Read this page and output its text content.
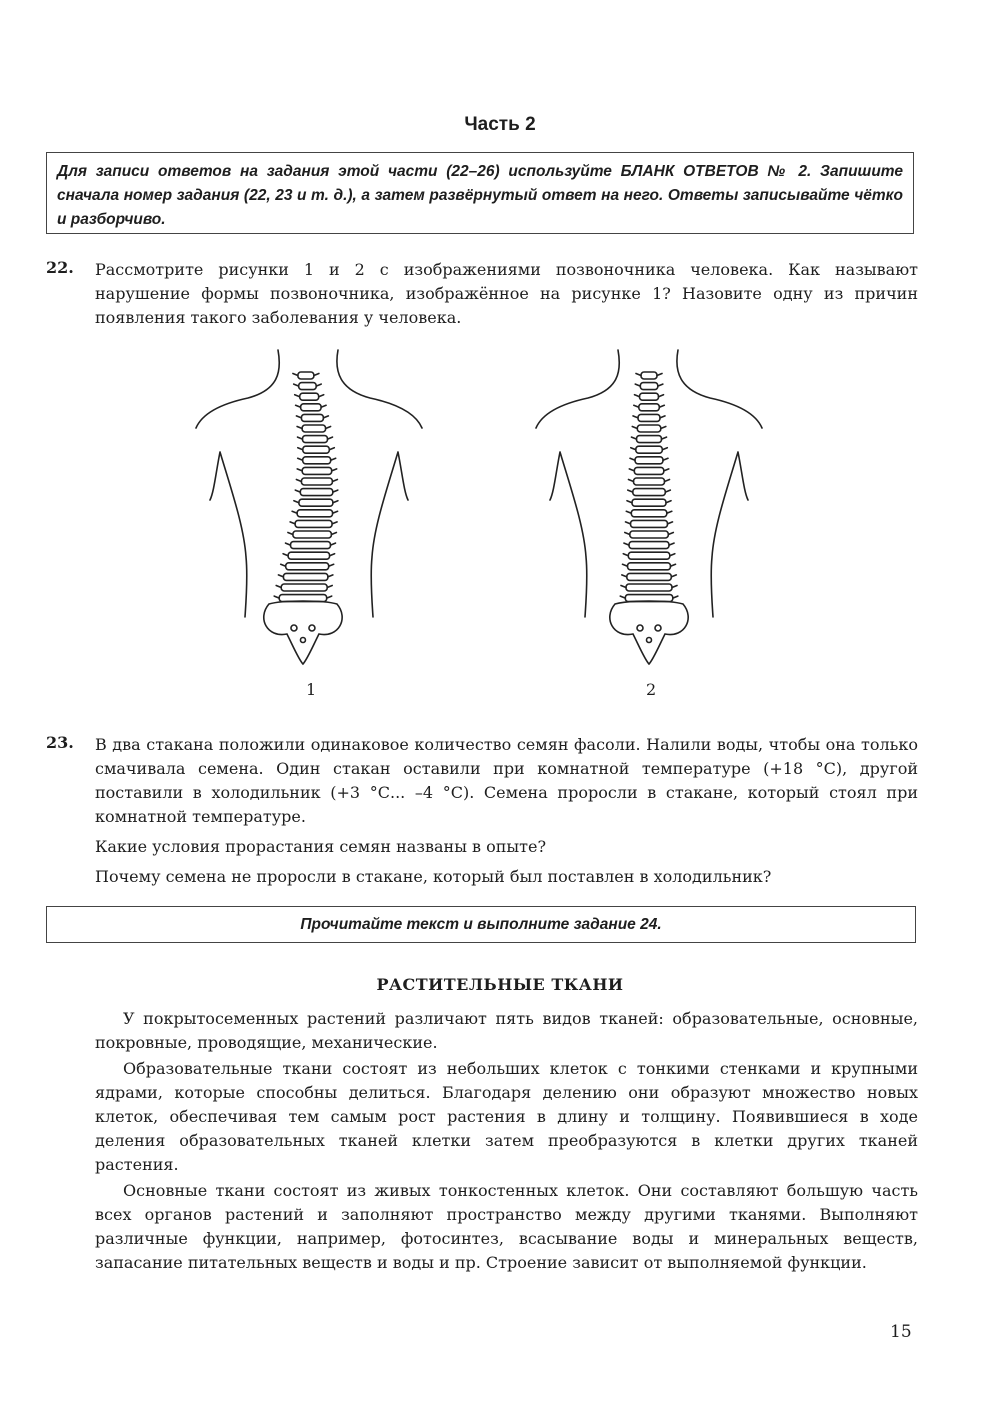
Часть 2
Для записи ответов на задания этой части (22–26) используйте БЛАНК ОТВЕТОВ № 2. Запишите сначала номер задания (22, 23 и т. д.), а затем развёрнутый ответ на него. Ответы записывайте чётко и разборчиво.
22. Рассмотрите рисунки 1 и 2 с изображениями позвоночника человека. Как называют нарушение формы позвоночника, изображённое на рисунке 1? Назовите одну из причин появления такого заболевания у человека.

1	2
23. В два стакана положили одинаковое количество семян фасоли. Налили воды, чтобы она только смачивала семена. Один стакан оставили при комнатной температуре (+18 °С), другой поставили в холодильник (+3 °С... –4 °С). Семена проросли в стакане, который стоял при комнатной температуре.

Какие условия прорастания семян названы в опыте?

Почему семена не проросли в стакане, который был поставлен в холодильник?

Прочитайте текст и выполните задание 24.
РАСТИТЕЛЬНЫЕ ТКАНИ

У покрытосеменных растений различают пять видов тканей: образовательные, основные, покровные, проводящие, механические.

Образовательные ткани состоят из небольших клеток с тонкими стенками и крупными ядрами, которые способны делиться. Благодаря делению они образуют множество новых клеток, обеспечивая тем самым рост растения в длину и толщину. Появившиеся в ходе деления образовательных тканей клетки затем преобразуются в клетки других тканей растения.

Основные ткани состоят из живых тонкостенных клеток. Они составляют большую часть всех органов растений и заполняют пространство между другими тканями. Выполняют различные функции, например, фотосинтез, всасывание воды и минеральных веществ, запасание питательных веществ и воды и пр. Строение зависит от выполняемой функции.

15
